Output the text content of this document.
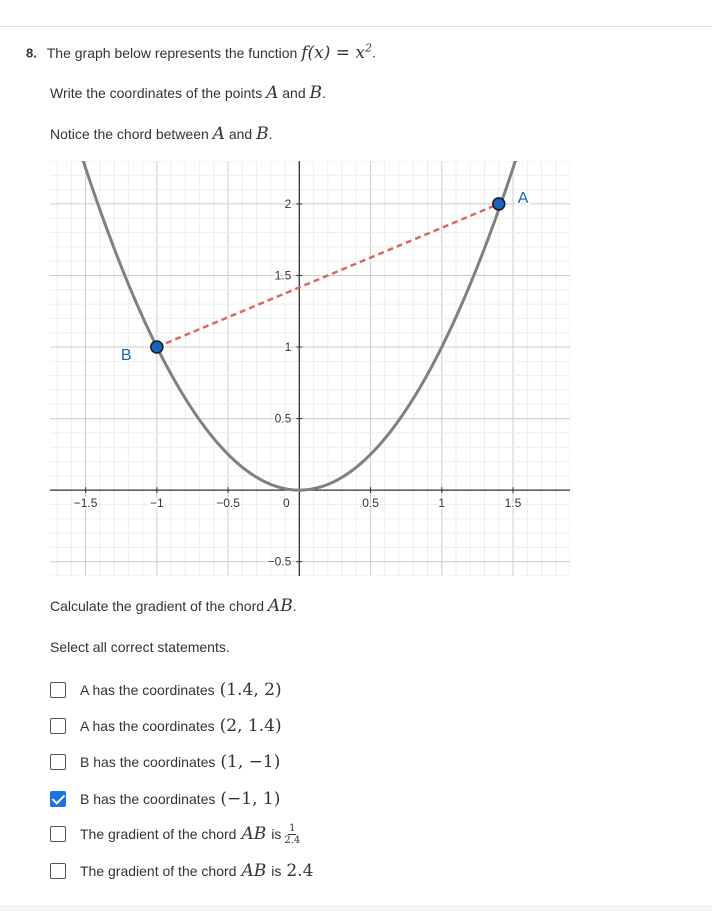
8. The graph below represents the function $f(x) = x^2$.
Write the coordinates of the points A and B.
Notice the chord between A and B.
−1.5	−1	−0.5	0.5	1	1.5
−0.5
0.5
1
1.5
2
0
A
B
Calculate the gradient of the chord AB.
Select all correct statements.
A has the coordinates (1.4, 2)
A has the coordinates (2, 1.4)
B has the coordinates (1, −1)
B has the coordinates (−1, 1)
The gradient of the chord AB is $\frac{1}{2.4}$
The gradient of the chord AB is 2.4
